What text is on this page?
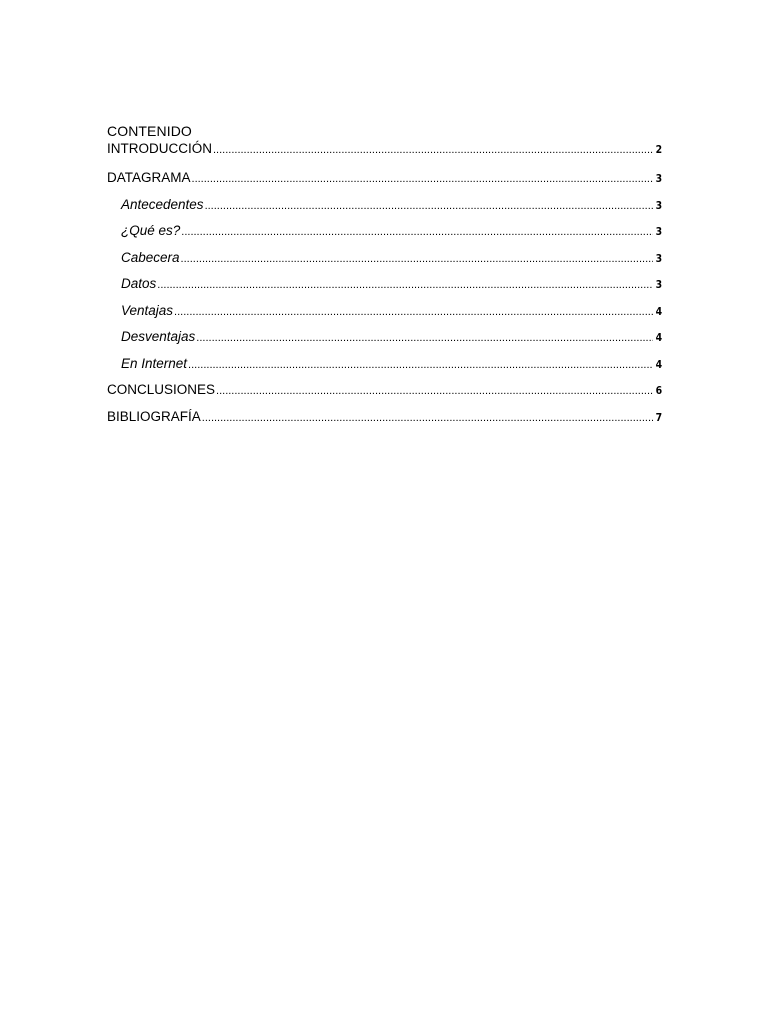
CONTENIDO
INTRODUCCIÓN .....	2
DATAGRAMA .....	3
Antecedentes .....	3
¿Qué es? .....	3
Cabecera .....	3
Datos .....	3
Ventajas .....	4
Desventajas .....	4
En Internet .....	4
CONCLUSIONES .....	6
BIBLIOGRAFÍA .....	7
